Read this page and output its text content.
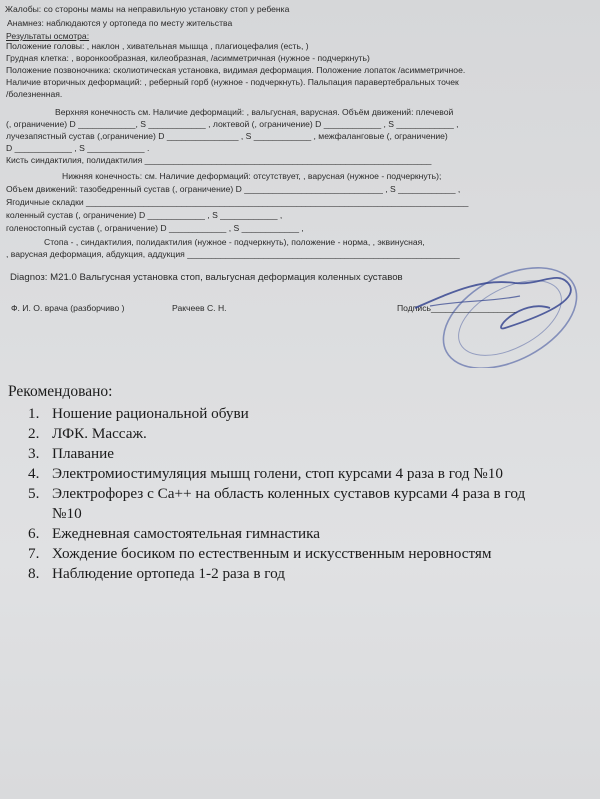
Жалобы: со стороны мамы на неправильную установку стоп у ребенка
Анамнез: наблюдаются у ортопеда по месту жительства
Результаты осмотра:
Положение головы: , наклон , хивательная мышца , плагиоцефалия (есть, )
Грудная клетка: , воронкообразная, килеобразная, /асимметричная (нужное - подчеркнуть)
Положение позвоночника: сколиотическая установка, видимая деформация. Положение лопаток /асимметричное.
Наличие вторичных деформаций: , реберный горб (нужное - подчеркнуть). Пальпация паравертебральных точек
/болезненная.
Верхняя конечность см. Наличие деформаций: , вальгусная, варусная. Объём движений: плечевой
(, ограничение) D ____________, S ____________ , локтевой (, ограничение) D ____________ , S ____________ ,
лучезапястный сустав (,ограничение) D _______________ , S ____________ , межфаланговые (, ограничение)
D ____________ , S ____________ .
Кисть синдактилия, полидактилия ____________________________________________________________
Нижняя конечность: см. Наличие деформаций: отсутствует, , варусная (нужное - подчеркнуть);
Объем движений: тазобедренный сустав (, ограничение) D _____________________________ , S ____________ ,
Ягодичные складки ________________________________________________________________________________
коленный сустав (, ограничение) D ____________ , S ____________ ,
голеностопный сустав (, ограничение) D ____________ , S ____________ ,
Стопа - , синдактилия, полидактилия (нужное - подчеркнуть), положение - норма, , эквинусная,
, варусная деформация, абдукция, аддукция _________________________________________________________
Diagnoз: M21.0 Вальгусная установка стоп, вальгусная деформация коленных суставов
Ф. И. О. врача (разборчиво )	Ракчеев С. Н.	Подпись__________________
Рекомендовано:
1. Ношение рациональной обуви
2. ЛФК. Массаж.
3. Плавание
4. Электромиостимуляция мышц голени, стоп курсами 4 раза в год №10
5. Электрофорез с Ca++ на область коленных суставов курсами 4 раза в год
№10
6. Ежедневная самостоятельная гимнастика
7. Хождение босиком по естественным и искусственным неровностям
8. Наблюдение ортопеда 1-2 раза в год
